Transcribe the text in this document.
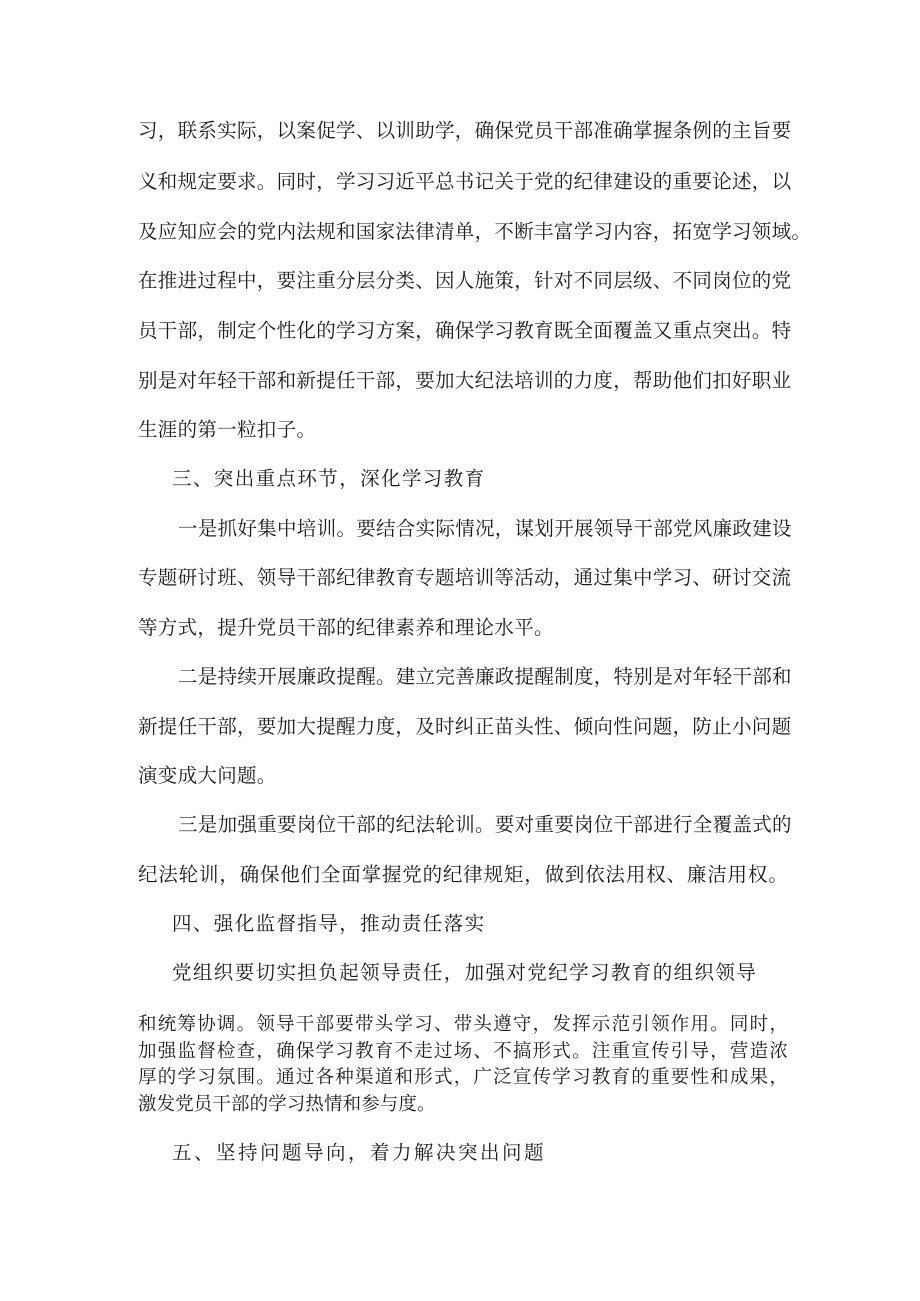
习，联系实际，以案促学、以训助学，确保党员干部准确掌握条例的主旨要
义和规定要求。同时，学习习近平总书记关于党的纪律建设的重要论述，以
及应知应会的党内法规和国家法律清单，不断丰富学习内容，拓宽学习领域。
在推进过程中，要注重分层分类、因人施策，针对不同层级、不同岗位的党
员干部，制定个性化的学习方案，确保学习教育既全面覆盖又重点突出。特
别是对年轻干部和新提任干部，要加大纪法培训的力度，帮助他们扣好职业
生涯的第一粒扣子。
三、突出重点环节，深化学习教育
一是抓好集中培训。要结合实际情况，谋划开展领导干部党风廉政建设
专题研讨班、领导干部纪律教育专题培训等活动，通过集中学习、研讨交流
等方式，提升党员干部的纪律素养和理论水平。
二是持续开展廉政提醒。建立完善廉政提醒制度，特别是对年轻干部和
新提任干部，要加大提醒力度，及时纠正苗头性、倾向性问题，防止小问题
演变成大问题。
三是加强重要岗位干部的纪法轮训。要对重要岗位干部进行全覆盖式的
纪法轮训，确保他们全面掌握党的纪律规矩，做到依法用权、廉洁用权。
四、强化监督指导，推动责任落实
党组织要切实担负起领导责任，加强对党纪学习教育的组织领导
和统筹协调。领导干部要带头学习、带头遵守，发挥示范引领作用。同时，
加强监督检查，确保学习教育不走过场、不搞形式。注重宣传引导，营造浓
厚的学习氛围。通过各种渠道和形式，广泛宣传学习教育的重要性和成果，
激发党员干部的学习热情和参与度。
五、坚持问题导向，着力解决突出问题
